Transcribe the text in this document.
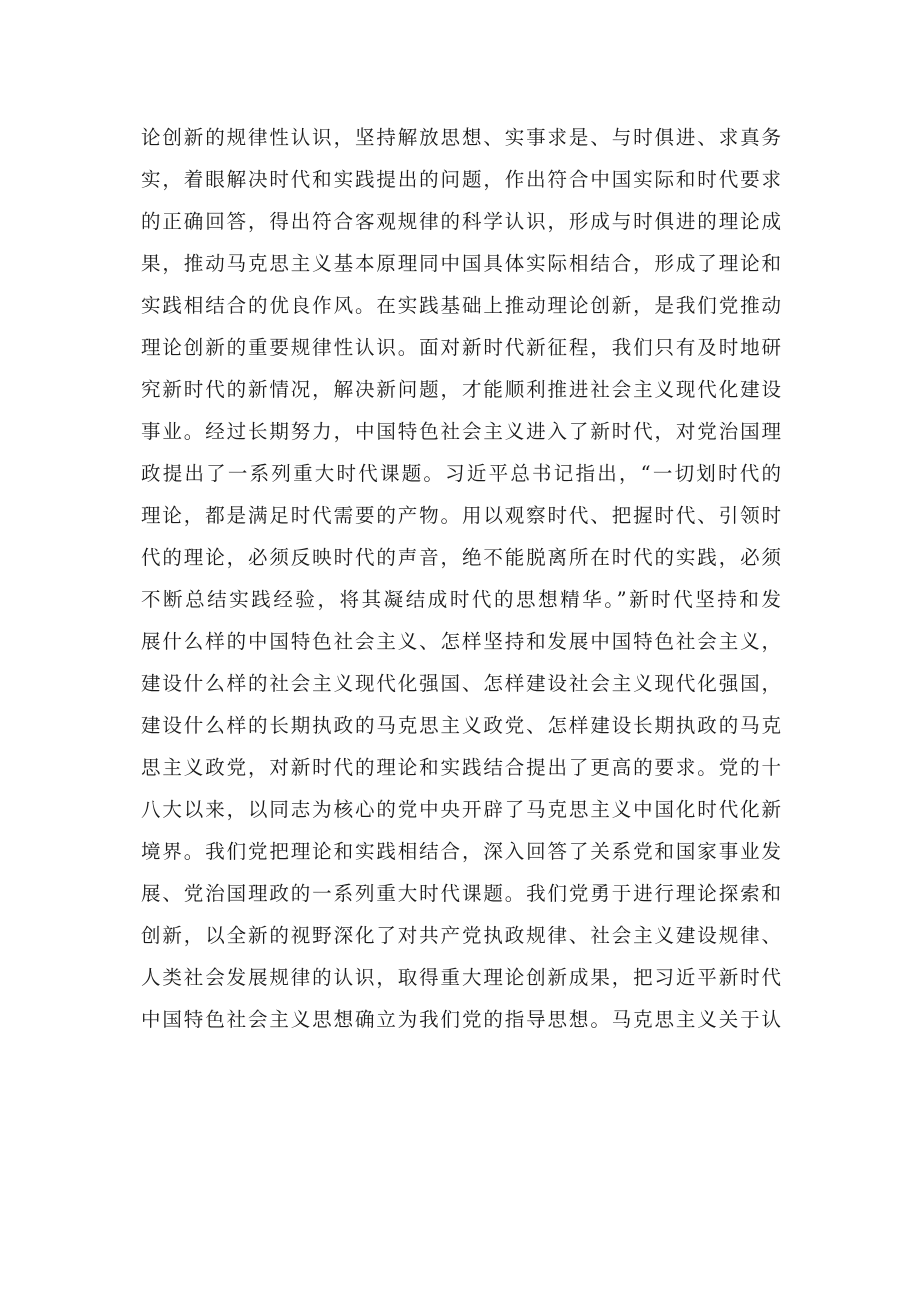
论创新的规律性认识，坚持解放思想、实事求是、与时俱进、求真务
实，着眼解决时代和实践提出的问题，作出符合中国实际和时代要求
的正确回答，得出符合客观规律的科学认识，形成与时俱进的理论成
果，推动马克思主义基本原理同中国具体实际相结合，形成了理论和
实践相结合的优良作风。在实践基础上推动理论创新，是我们党推动
理论创新的重要规律性认识。面对新时代新征程，我们只有及时地研
究新时代的新情况，解决新问题，才能顺利推进社会主义现代化建设
事业。经过长期努力，中国特色社会主义进入了新时代，对党治国理
政提出了一系列重大时代课题。习近平总书记指出，“一切划时代的
理论，都是满足时代需要的产物。用以观察时代、把握时代、引领时
代的理论，必须反映时代的声音，绝不能脱离所在时代的实践，必须
不断总结实践经验，将其凝结成时代的思想精华。”新时代坚持和发
展什么样的中国特色社会主义、怎样坚持和发展中国特色社会主义，
建设什么样的社会主义现代化强国、怎样建设社会主义现代化强国，
建设什么样的长期执政的马克思主义政党、怎样建设长期执政的马克
思主义政党，对新时代的理论和实践结合提出了更高的要求。党的十
八大以来，以同志为核心的党中央开辟了马克思主义中国化时代化新
境界。我们党把理论和实践相结合，深入回答了关系党和国家事业发
展、党治国理政的一系列重大时代课题。我们党勇于进行理论探索和
创新，以全新的视野深化了对共产党执政规律、社会主义建设规律、
人类社会发展规律的认识，取得重大理论创新成果，把习近平新时代
中国特色社会主义思想确立为我们党的指导思想。马克思主义关于认
